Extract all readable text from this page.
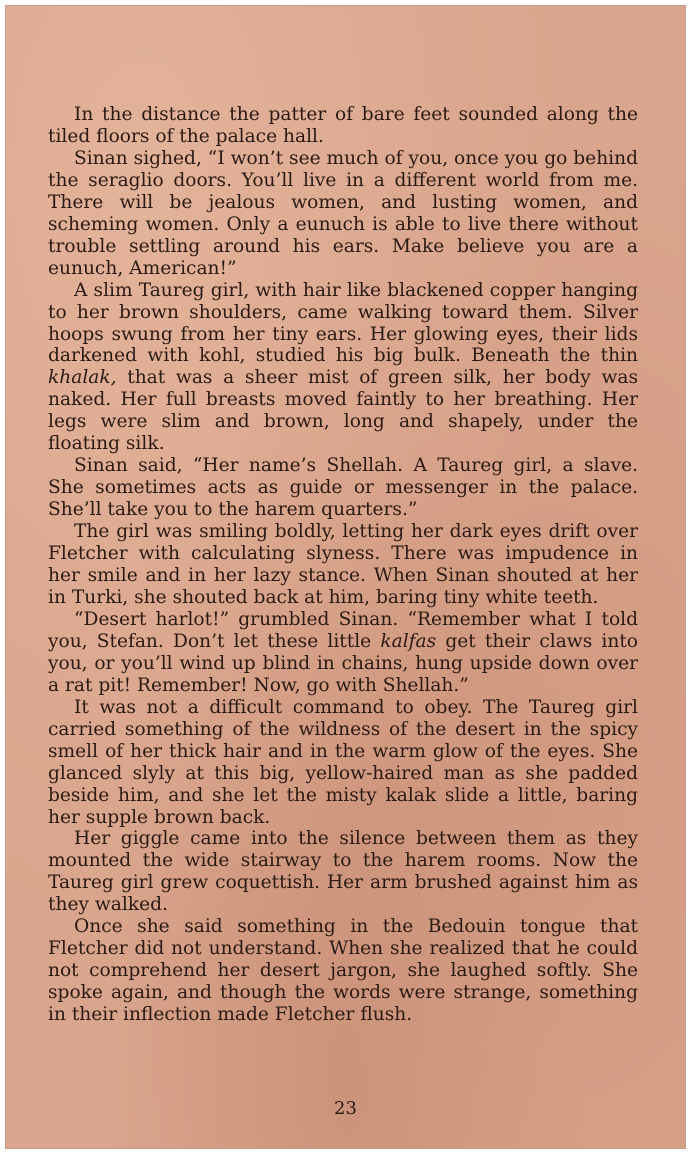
In the distance the patter of bare feet sounded along the tiled floors of the palace hall.

Sinan sighed, “I won’t see much of you, once you go behind the seraglio doors. You’ll live in a different world from me. There will be jealous women, and lusting women, and scheming women. Only a eunuch is able to live there without trouble settling around his ears. Make believe you are a eunuch, American!”

A slim Taureg girl, with hair like blackened copper hanging to her brown shoulders, came walking toward them. Silver hoops swung from her tiny ears. Her glowing eyes, their lids darkened with kohl, studied his big bulk. Beneath the thin khalak, that was a sheer mist of green silk, her body was naked. Her full breasts moved faintly to her breathing. Her legs were slim and brown, long and shapely, under the floating silk.

Sinan said, “Her name’s Shellah. A Taureg girl, a slave. She sometimes acts as guide or messenger in the palace. She’ll take you to the harem quarters.”

The girl was smiling boldly, letting her dark eyes drift over Fletcher with calculating slyness. There was impudence in her smile and in her lazy stance. When Sinan shouted at her in Turki, she shouted back at him, baring tiny white teeth.

“Desert harlot!” grumbled Sinan. “Remember what I told you, Stefan. Don’t let these little kalfas get their claws into you, or you’ll wind up blind in chains, hung upside down over a rat pit! Remember! Now, go with Shellah.”

It was not a difficult command to obey. The Taureg girl carried something of the wildness of the desert in the spicy smell of her thick hair and in the warm glow of the eyes. She glanced slyly at this big, yellow-haired man as she padded beside him, and she let the misty kalak slide a little, baring her supple brown back.

Her giggle came into the silence between them as they mounted the wide stairway to the harem rooms. Now the Taureg girl grew coquettish. Her arm brushed against him as they walked.

Once she said something in the Bedouin tongue that Fletcher did not understand. When she realized that he could not comprehend her desert jargon, she laughed softly. She spoke again, and though the words were strange, something in their inflection made Fletcher flush.

23
